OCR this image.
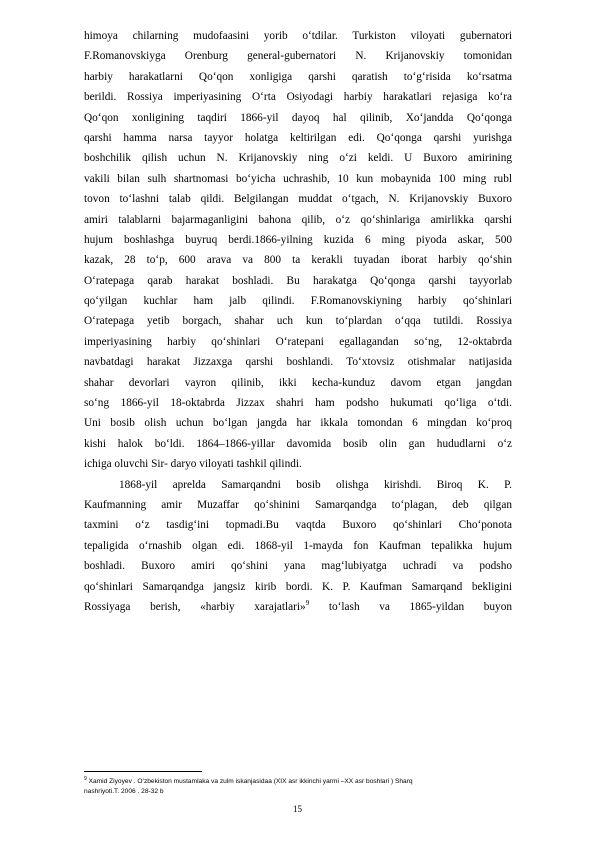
himoya chilarning mudofaasini yorib o‘tdilar. Turkiston viloyati gubernatori
F.Romanovskiyga Orenburg general-gubernatori N. Krijanovskiy tomonidan
harbiy harakatlarni Qo‘qon xonligiga qarshi qaratish to‘g‘risida ko‘rsatma
berildi. Rossiya imperiyasining O‘rta Osiyodagi harbiy harakatlari rejasiga ko‘ra
Qo‘qon xonligining taqdiri 1866-yil dayoq hal qilinib, Xo‘jandda Qo‘qonga
qarshi hamma narsa tayyor holatga keltirilgan edi. Qo‘qonga qarshi yurishga
boshchilik qilish uchun N. Krijanovskiy ning o‘zi keldi. U Buxoro amirining
vakili bilan sulh shartnomasi bo‘yicha uchrashib, 10 kun mobaynida 100 ming rubl
tovon to‘lashni talab qildi. Belgilangan muddat o‘tgach, N. Krijanovskiy Buxoro
amiri talablarni bajarmaganligini bahona qilib, o‘z qo‘shinlariga amirlikka qarshi
hujum boshlashga buyruq berdi.1866-yilning kuzida 6 ming piyoda askar, 500
kazak, 28 to‘p, 600 arava va 800 ta kerakli tuyadan iborat harbiy qo‘shin
O‘ratepaga qarab harakat boshladi. Bu harakatga Qo‘qonga qarshi tayyorlab
qo‘yilgan kuchlar ham jalb qilindi. F.Romanovskiyning harbiy qo‘shinlari
O‘ratepaga yetib borgach, shahar uch kun to‘plardan o‘qqa tutildi. Rossiya
imperiyasining harbiy qo‘shinlari O‘ratepani egallagandan so‘ng, 12-oktabrda
navbatdagi harakat Jizzaxga qarshi boshlandi. To‘xtovsiz otishmalar natijasida
shahar devorlari vayron qilinib, ikki kecha-kunduz davom etgan jangdan
so‘ng 1866-yil 18-oktabrda Jizzax shahri ham podsho hukumati qo‘liga o‘tdi.
Uni bosib olish uchun bo‘lgan jangda har ikkala tomondan 6 mingdan ko‘proq
kishi halok bo‘ldi. 1864–1866-yillar davomida bosib olin gan hududlarni o‘z
ichiga oluvchi Sir- daryo viloyati tashkil qilindi.
1868-yil aprelda Samarqandni bosib olishga kirishdi. Biroq K. P.
Kaufmanning amir Muzaffar qo‘shinini Samarqandga to‘plagan, deb qilgan
taxmini o‘z tasdig‘ini topmadi.Bu vaqtda Buxoro qo‘shinlari Cho‘ponota
tepaligida o‘rnashib olgan edi. 1868-yil 1-mayda fon Kaufman tepalikka hujum
boshladi. Buxoro amiri qo‘shini yana mag‘lubiyatga uchradi va podsho
qo‘shinlari Samarqandga jangsiz kirib bordi. K. P. Kaufman Samarqand bekligini
Rossiyaga berish, «harbiy xarajatlari»$^9$ to‘lash va 1865-yildan buyon
$^9$ Xamid Ziyoyev . O‘zbekiston mustamlaka va zulm iskanjasidaa (XIX asr ikkinchi yarmi –XX asr boshlari ) Sharq
nashriyoti.T. 2006 . 28-32 b
15
